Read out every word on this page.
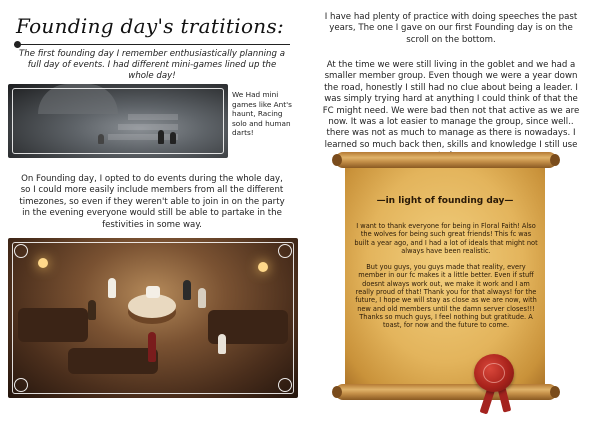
Founding day's tratitions:
The first founding day I remember enthusiastically planning a full day of events. I had different mini-games lined up the whole day!
We Had mini games like Ant's haunt, Racing solo and human darts!
On Founding day, I opted to do events during the whole day, so I could more easily include members from all the different timezones, so even if they weren't able to join in on the party in the evening everyone would still be able to partake in the festivities in some way.
I have had plenty of practice with doing speeches the past years, The one I gave on our first Founding day is on the scroll on the bottom.
At the time we were still living in the goblet and we had a smaller member group. Even though we were a year down the road, honestly I still had no clue about being a leader. I was simply trying hard at anything I could think of that the FC might need. We were bad then not that active as we are now. It was a lot easier to manage the group, since well.. there was not as much to manage as there is nowadays. I learned so much back then, skills and knowledge I still use
—in light of founding day—

I want to thank everyone for being in Floral Faith! Also the wolves for being such great friends! This fc was built a year ago, and I had a lot of ideals that might not always have been realistic.

But you guys, you guys made that reality, every member in our fc makes it a little better. Even if stuff doesnt always work out, we make it work and I am really proud of that! Thank you for that always! for the future, I hope we will stay as close as we are now, with new and old members until the damn server closes!!! Thanks so much guys, I feel nothing but gratitude. A toast, for now and the future to come.
